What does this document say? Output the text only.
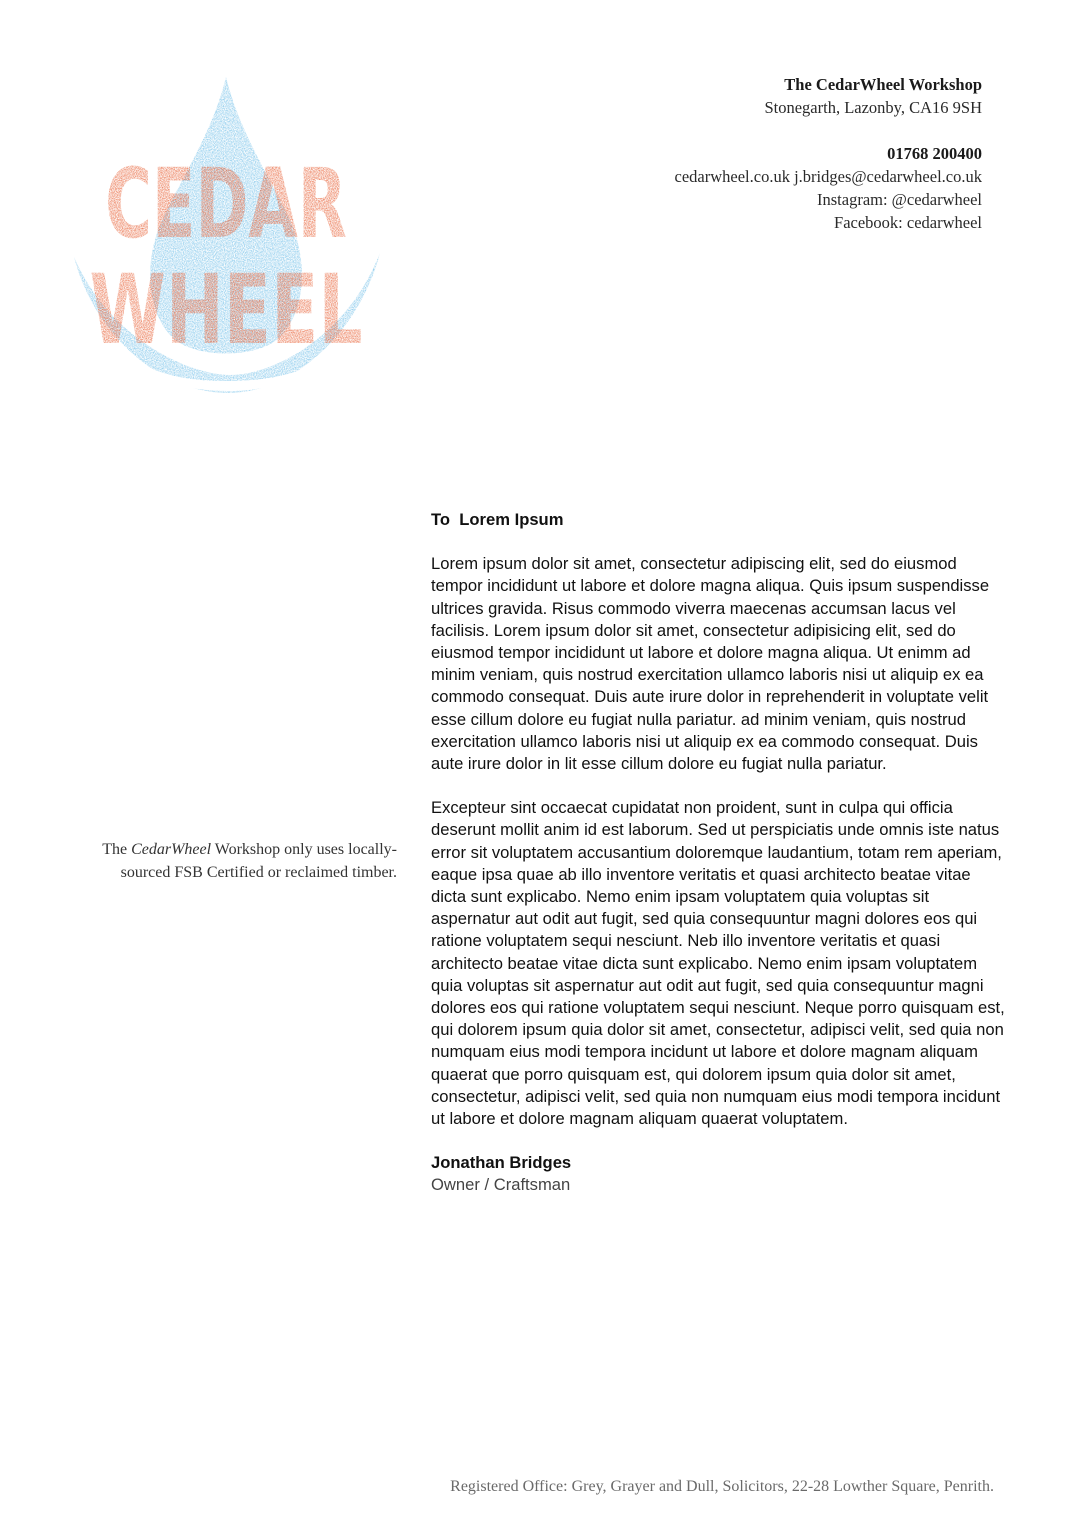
CEDAR
WHEEL
The CedarWheel Workshop
Stonegarth, Lazonby, CA16 9SH
01768 200400
cedarwheel.co.uk j.bridges@cedarwheel.co.uk
Instagram: @cedarwheel
Facebook: cedarwheel
The CedarWheel Workshop only uses locally-sourced FSB Certified or reclaimed timber.
To  Lorem Ipsum

Lorem ipsum dolor sit amet, consectetur adipiscing elit, sed do eiusmod tempor incididunt ut labore et dolore magna aliqua. Quis ipsum suspendisse ultrices gravida. Risus commodo viverra maecenas accumsan lacus vel facilisis. Lorem ipsum dolor sit amet, consectetur adipisicing elit, sed do eiusmod tempor incididunt ut labore et dolore magna aliqua. Ut enimm ad minim veniam, quis nostrud exercitation ullamco laboris nisi ut aliquip ex ea commodo consequat. Duis aute irure dolor in reprehenderit in voluptate velit esse cillum dolore eu fugiat nulla pariatur. ad minim veniam, quis nostrud exercitation ullamco laboris nisi ut aliquip ex ea commodo consequat. Duis aute irure dolor in lit esse cillum dolore eu fugiat nulla pariatur.

Excepteur sint occaecat cupidatat non proident, sunt in culpa qui officia deserunt mollit anim id est laborum. Sed ut perspiciatis unde omnis iste natus error sit voluptatem accusantium doloremque laudantium, totam rem aperiam, eaque ipsa quae ab illo inventore veritatis et quasi architecto beatae vitae dicta sunt explicabo. Nemo enim ipsam voluptatem quia voluptas sit aspernatur aut odit aut fugit, sed quia consequuntur magni dolores eos qui ratione voluptatem sequi nesciunt. Neb illo inventore veritatis et quasi architecto beatae vitae dicta sunt explicabo. Nemo enim ipsam voluptatem quia voluptas sit aspernatur aut odit aut fugit, sed quia consequuntur magni dolores eos qui ratione voluptatem sequi nesciunt. Neque porro quisquam est, qui dolorem ipsum quia dolor sit amet, consectetur, adipisci velit, sed quia non numquam eius modi tempora incidunt ut labore et dolore magnam aliquam quaerat que porro quisquam est, qui dolorem ipsum quia dolor sit amet, consectetur, adipisci velit, sed quia non numquam eius modi tempora incidunt ut labore et dolore magnam aliquam quaerat voluptatem.

Jonathan Bridges
Owner / Craftsman
Registered Office: Grey, Grayer and Dull, Solicitors, 22-28 Lowther Square, Penrith.
